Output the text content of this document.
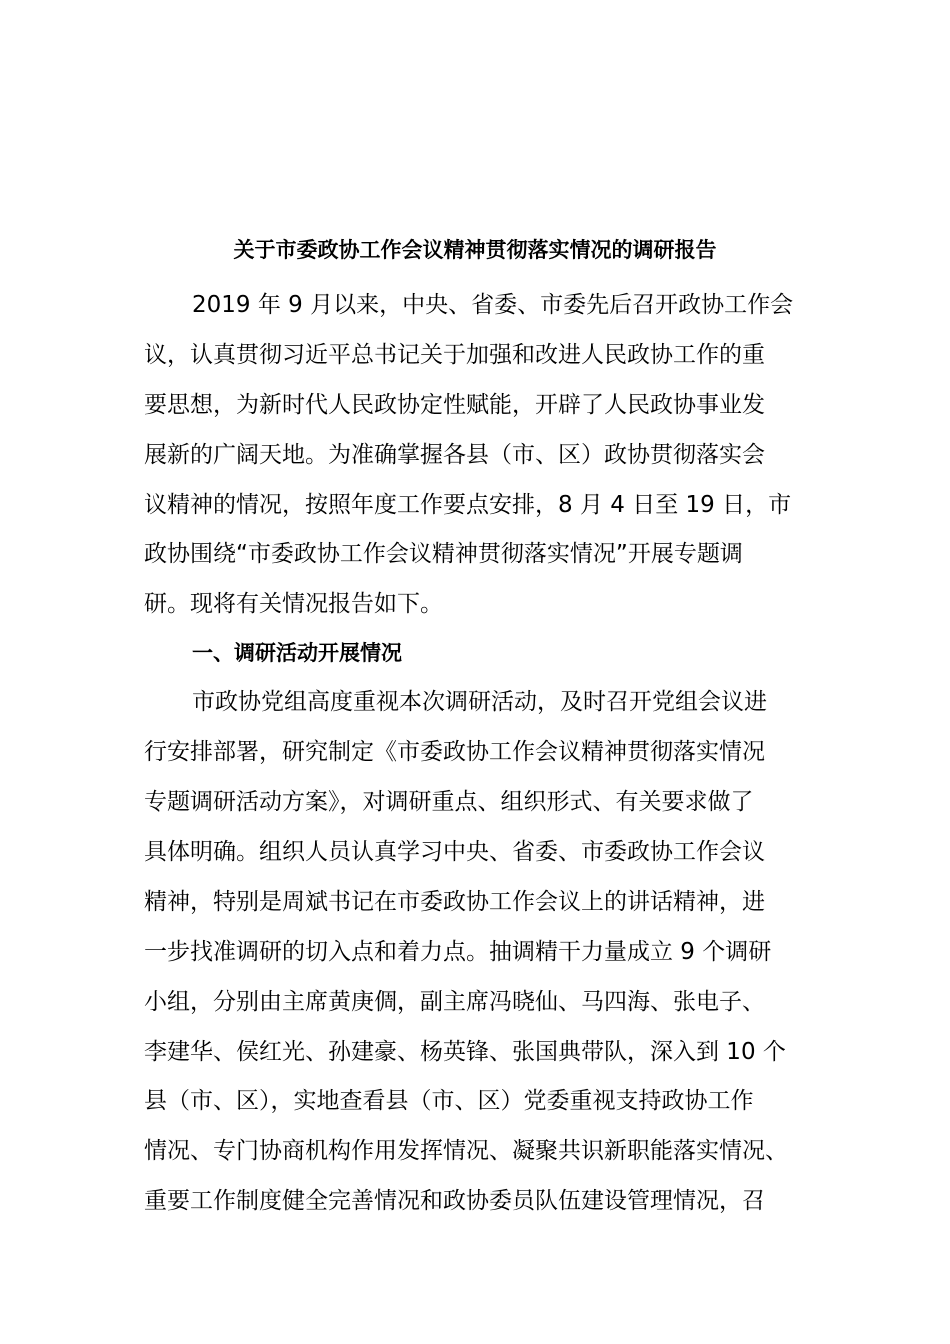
关于市委政协工作会议精神贯彻落实情况的调研报告
2019 年 9 月以来，中央、省委、市委先后召开政协工作会
议，认真贯彻习近平总书记关于加强和改进人民政协工作的重
要思想，为新时代人民政协定性赋能，开辟了人民政协事业发
展新的广阔天地。为准确掌握各县（市、区）政协贯彻落实会
议精神的情况，按照年度工作要点安排，8 月 4 日至 19 日，市
政协围绕“市委政协工作会议精神贯彻落实情况”开展专题调
研。现将有关情况报告如下。
一、调研活动开展情况
市政协党组高度重视本次调研活动，及时召开党组会议进
行安排部署，研究制定《市委政协工作会议精神贯彻落实情况
专题调研活动方案》，对调研重点、组织形式、有关要求做了
具体明确。组织人员认真学习中央、省委、市委政协工作会议
精神，特别是周斌书记在市委政协工作会议上的讲话精神，进
一步找准调研的切入点和着力点。抽调精干力量成立 9 个调研
小组，分别由主席黄庚倜，副主席冯晓仙、马四海、张电子、
李建华、侯红光、孙建豪、杨英锋、张国典带队，深入到 10 个
县（市、区），实地查看县（市、区）党委重视支持政协工作
情况、专门协商机构作用发挥情况、凝聚共识新职能落实情况、
重要工作制度健全完善情况和政协委员队伍建设管理情况，召
